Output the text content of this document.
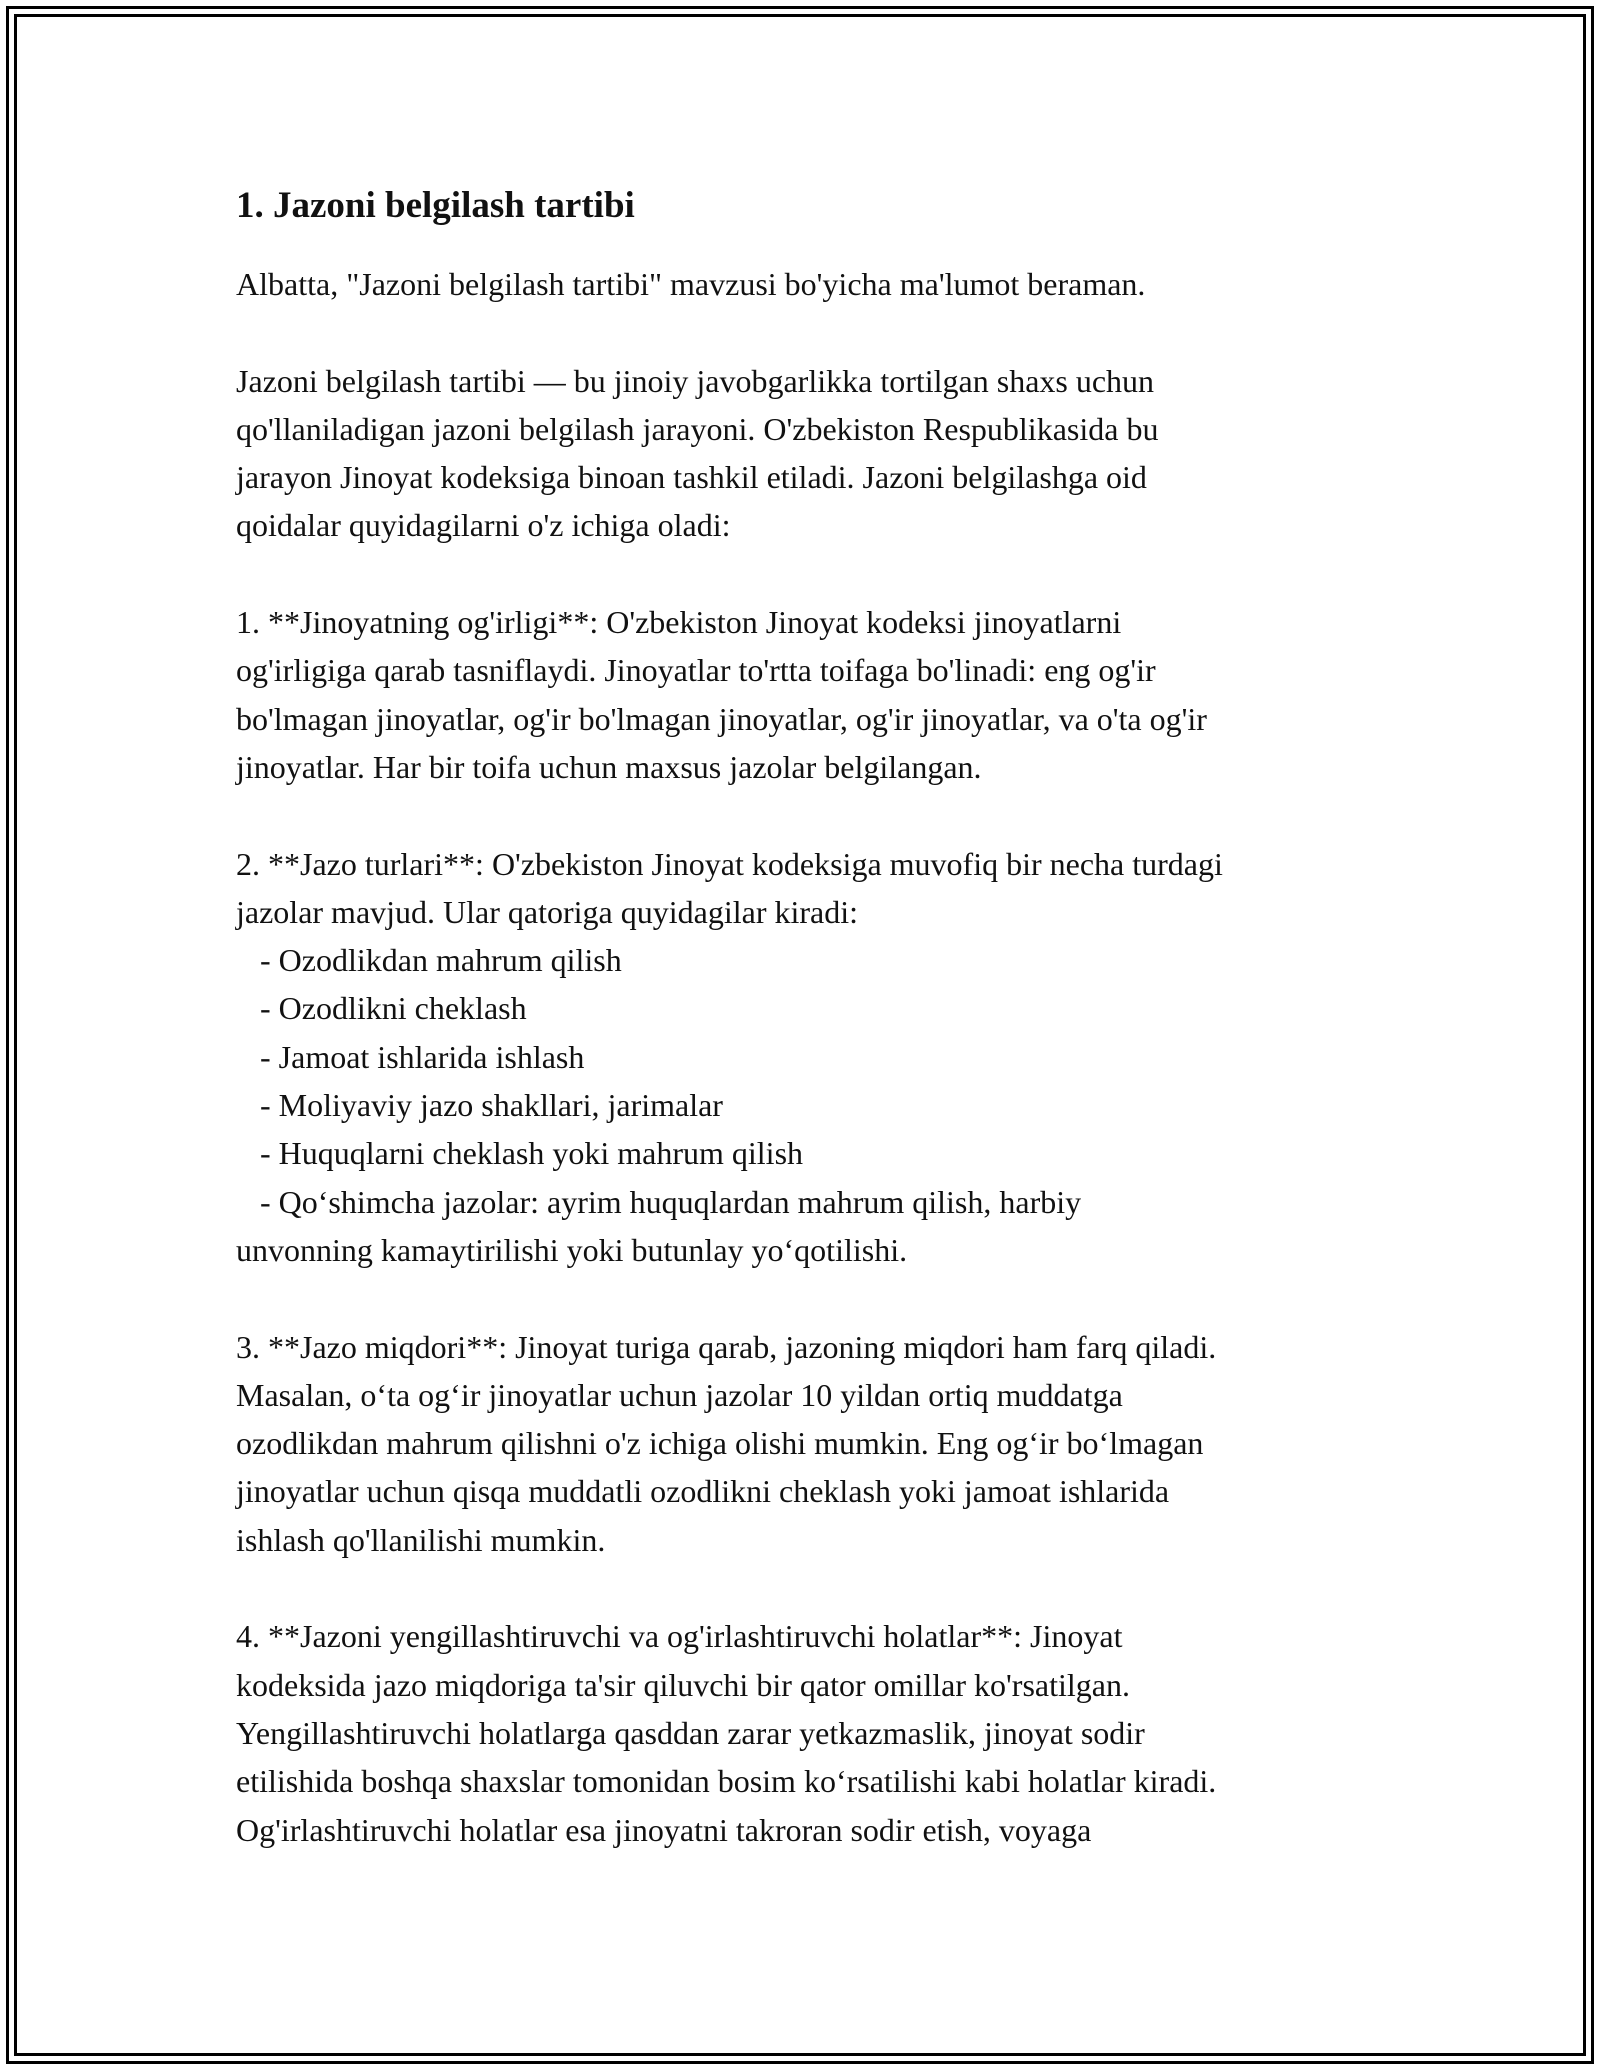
1. Jazoni belgilash tartibi
Albatta, "Jazoni belgilash tartibi" mavzusi bo'yicha ma'lumot beraman.
Jazoni belgilash tartibi — bu jinoiy javobgarlikka tortilgan shaxs uchun
qo'llaniladigan jazoni belgilash jarayoni. O'zbekiston Respublikasida bu
jarayon Jinoyat kodeksiga binoan tashkil etiladi. Jazoni belgilashga oid
qoidalar quyidagilarni o'z ichiga oladi:
1. **Jinoyatning og'irligi**: O'zbekiston Jinoyat kodeksi jinoyatlarni
og'irligiga qarab tasniflaydi. Jinoyatlar to'rtta toifaga bo'linadi: eng og'ir
bo'lmagan jinoyatlar, og'ir bo'lmagan jinoyatlar, og'ir jinoyatlar, va o'ta og'ir
jinoyatlar. Har bir toifa uchun maxsus jazolar belgilangan.
2. **Jazo turlari**: O'zbekiston Jinoyat kodeksiga muvofiq bir necha turdagi
jazolar mavjud. Ular qatoriga quyidagilar kiradi:
- Ozodlikdan mahrum qilish
- Ozodlikni cheklash
- Jamoat ishlarida ishlash
- Moliyaviy jazo shakllari, jarimalar
- Huquqlarni cheklash yoki mahrum qilish
- Qo‘shimcha jazolar: ayrim huquqlardan mahrum qilish, harbiy
unvonning kamaytirilishi yoki butunlay yo‘qotilishi.
3. **Jazo miqdori**: Jinoyat turiga qarab, jazoning miqdori ham farq qiladi.
Masalan, o‘ta og‘ir jinoyatlar uchun jazolar 10 yildan ortiq muddatga
ozodlikdan mahrum qilishni o'z ichiga olishi mumkin. Eng og‘ir bo‘lmagan
jinoyatlar uchun qisqa muddatli ozodlikni cheklash yoki jamoat ishlarida
ishlash qo'llanilishi mumkin.
4. **Jazoni yengillashtiruvchi va og'irlashtiruvchi holatlar**: Jinoyat
kodeksida jazo miqdoriga ta'sir qiluvchi bir qator omillar ko'rsatilgan.
Yengillashtiruvchi holatlarga qasddan zarar yetkazmaslik, jinoyat sodir
etilishida boshqa shaxslar tomonidan bosim ko‘rsatilishi kabi holatlar kiradi.
Og'irlashtiruvchi holatlar esa jinoyatni takroran sodir etish, voyaga
